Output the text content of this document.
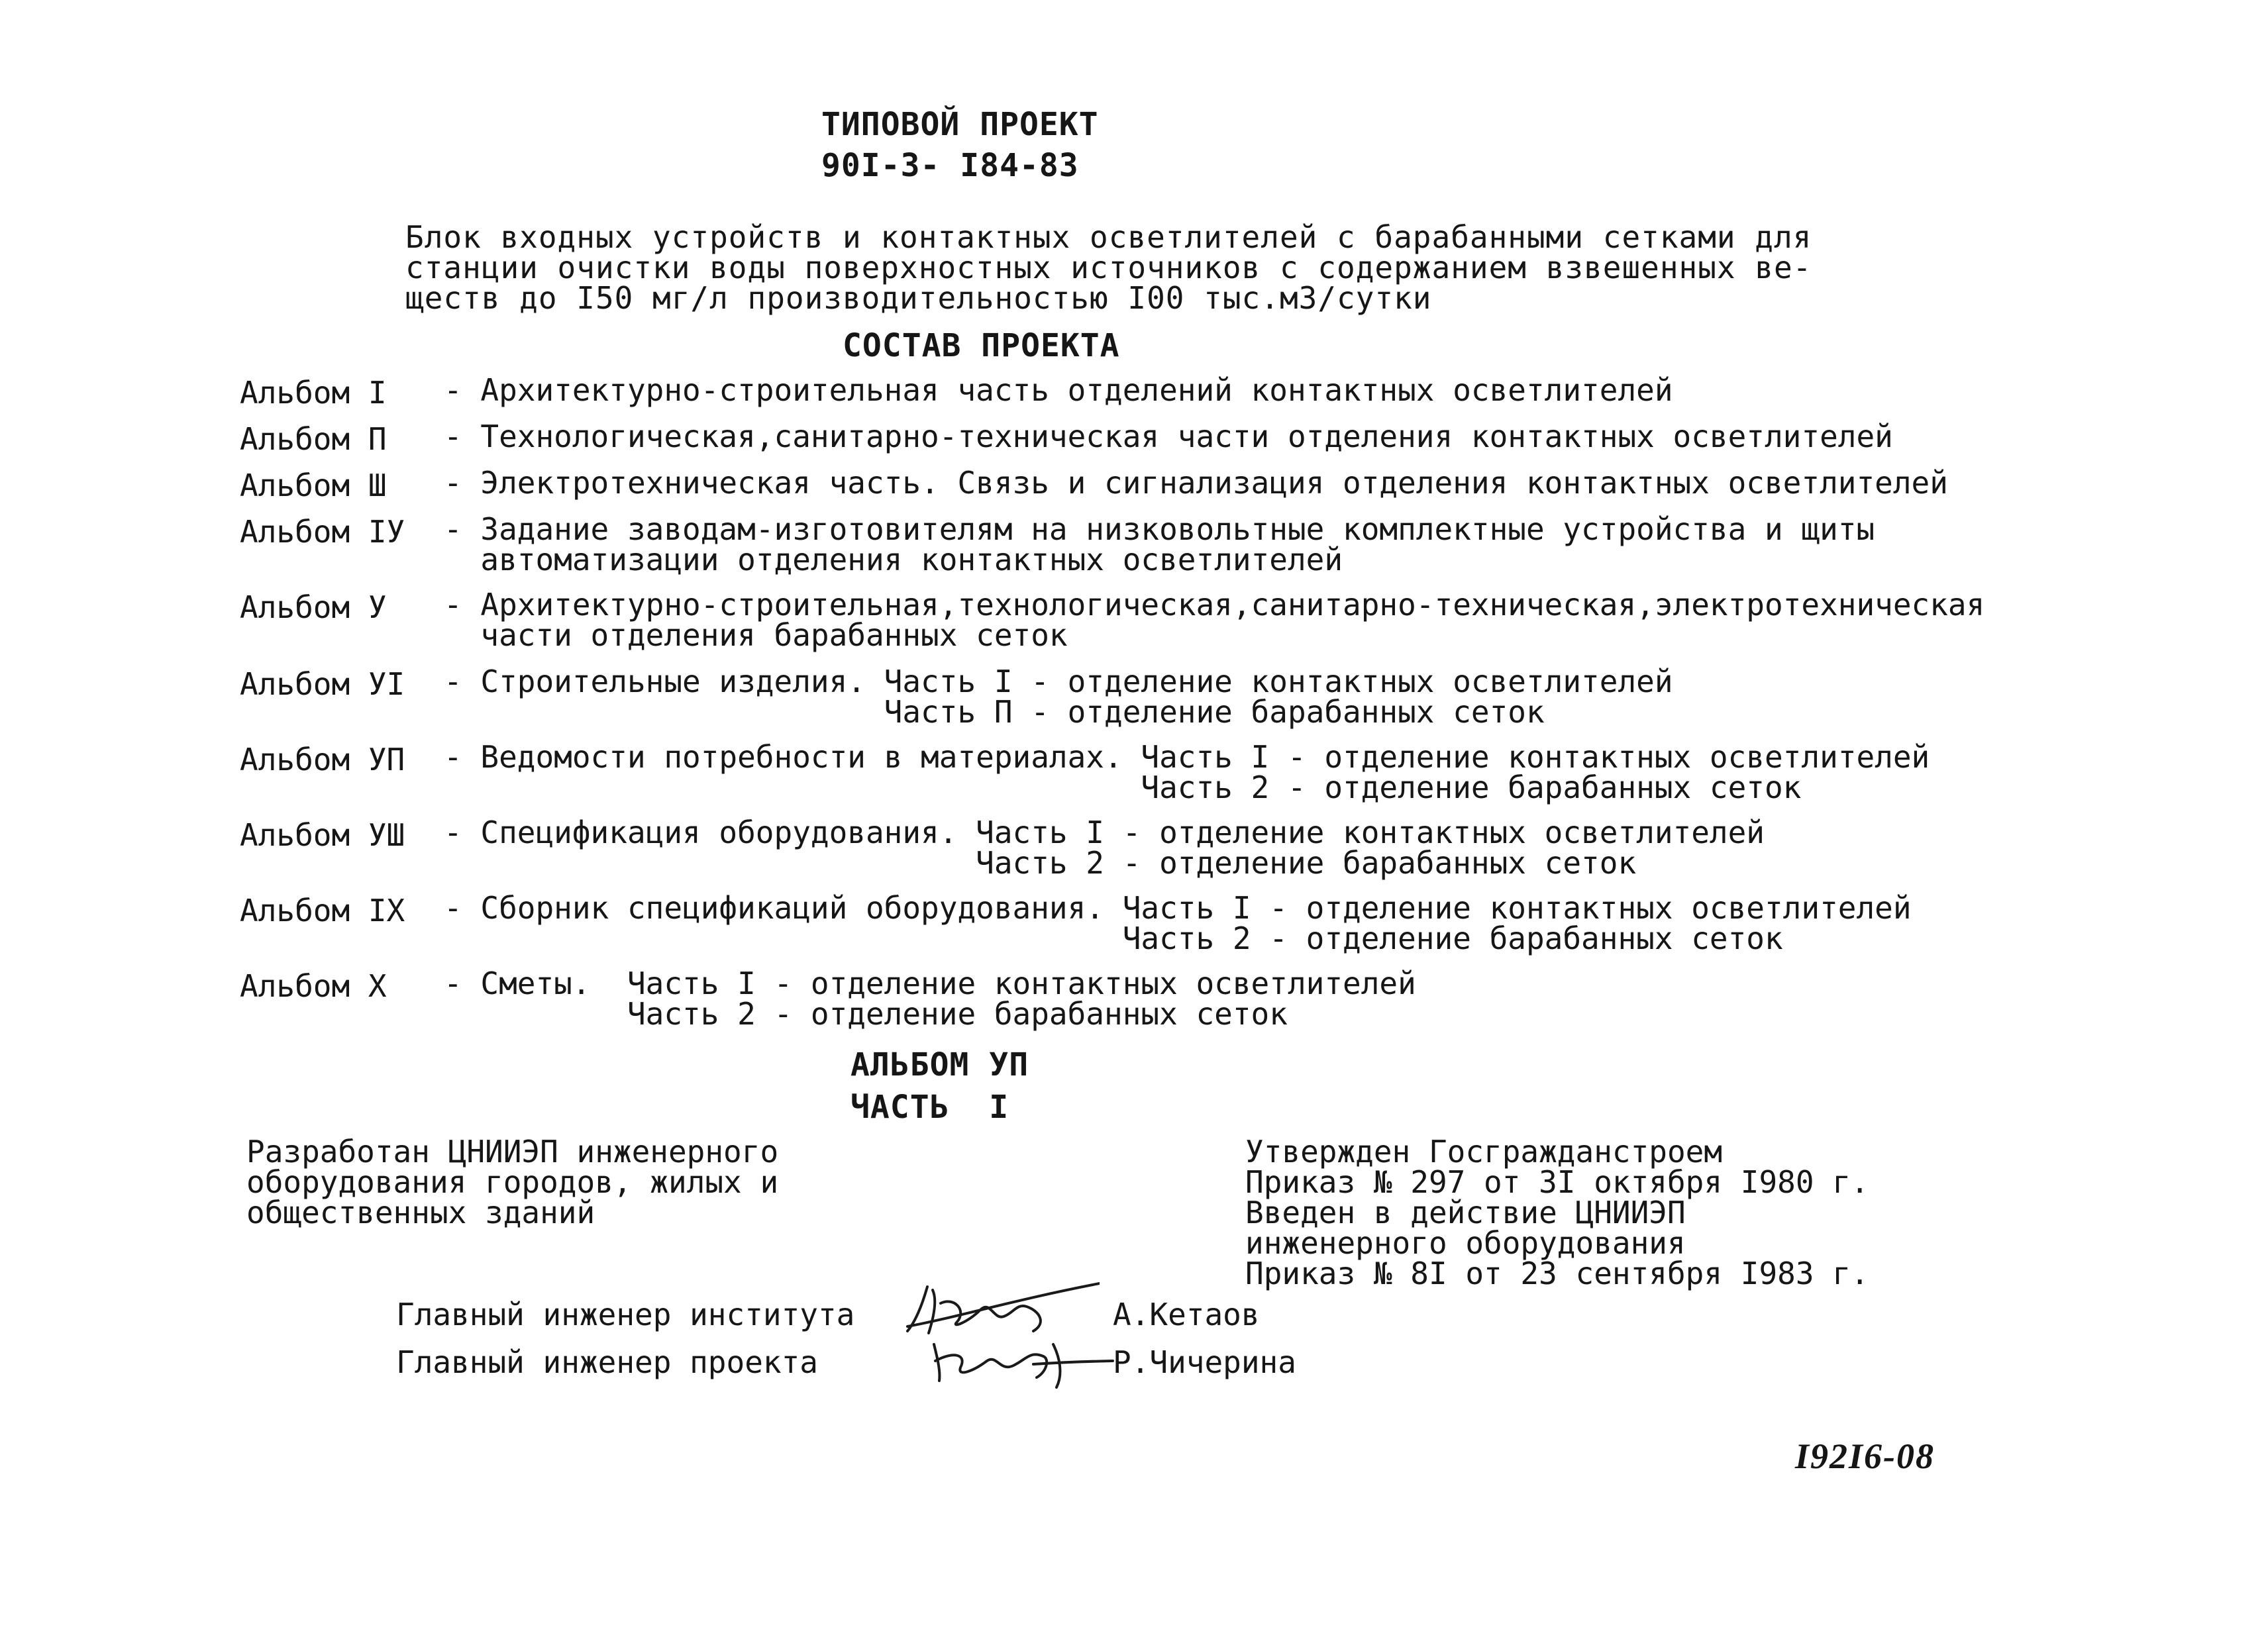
ТИПОВОЙ ПРОЕКТ
90I-3- I84-83
Блок входных устройств и контактных осветлителей с барабанными сетками для
станции очистки воды поверхностных источников с содержанием взвешенных ве-
ществ до I50 мг/л производительностью I00 тыс.м3/сутки
СОСТАВ ПРОЕКТА
Альбом I - Архитектурно-строительная часть отделений контактных осветлителей
Альбом П - Технологическая,санитарно-техническая части отделения контактных осветлителей
Альбом Ш - Электротехническая часть. Связь и сигнализация отделения контактных осветлителей
Альбом IУ - Задание заводам-изготовителям на низковольтные комплектные устройства и щиты
автоматизации отделения контактных осветлителей
Альбом У - Архитектурно-строительная,технологическая,санитарно-техническая,электротехническая
части отделения барабанных сеток
Альбом УI - Строительные изделия. Часть I - отделение контактных осветлителей
Часть П - отделение барабанных сеток
Альбом УП - Ведомости потребности в материалах. Часть I - отделение контактных осветлителей
Часть 2 - отделение барабанных сеток
Альбом УШ - Спецификация оборудования. Часть I - отделение контактных осветлителей
Часть 2 - отделение барабанных сеток
Альбом IX - Сборник спецификаций оборудования. Часть I - отделение контактных осветлителей
Часть 2 - отделение барабанных сеток
Альбом X - Сметы.  Часть I - отделение контактных осветлителей
Часть 2 - отделение барабанных сеток
АЛЬБОМ УП
ЧАСТЬ  I
Разработан ЦНИИЭП инженерного
оборудования городов, жилых и
общественных зданий
Утвержден Госгражданстроем
Приказ № 297 от 3I октября I980 г.
Введен в действие ЦНИИЭП
инженерного оборудования
Приказ № 8I от 23 сентября I983 г.
Главный инженер института	А.Кетаов
Главный инженер проекта	Р.Чичерина
I92I6-08
